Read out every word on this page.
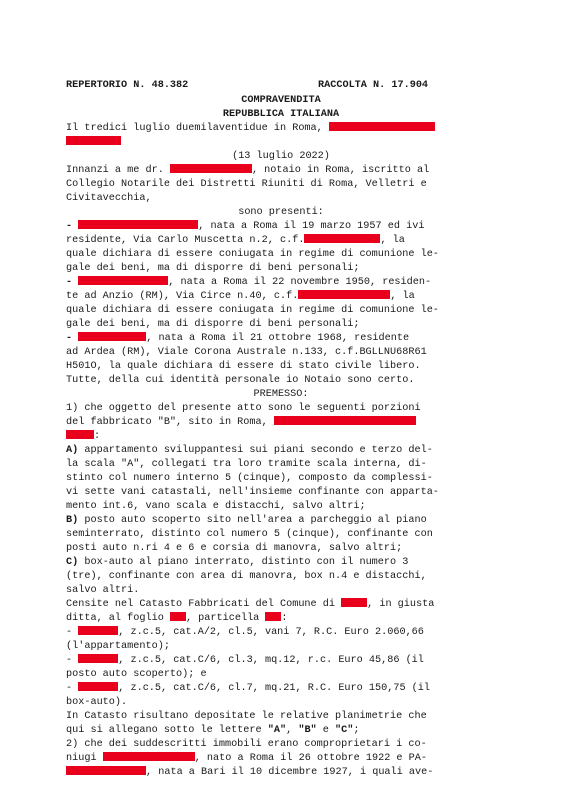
REPERTORIO N. 48.382	RACCOLTA N. 17.904
COMPRAVENDITA
REPUBBLICA ITALIANA
Il tredici luglio duemilaventidue in Roma,
(13 luglio 2022)
Innanzi a me dr.	, notaio in Roma, iscritto al
Collegio Notarile dei Distretti Riuniti di Roma, Velletri e
Civitavecchia,
sono presenti:
-	, nata a Roma il 19 marzo 1957 ed ivi
residente, Via Carlo Muscetta n.2, c.f.	, la
quale dichiara di essere coniugata in regime di comunione le-
gale dei beni, ma di disporre di beni personali;
-	, nata a Roma il 22 novembre 1950, residen-
te ad Anzio (RM), Via Circe n.40, c.f.	, la
quale dichiara di essere coniugata in regime di comunione le-
gale dei beni, ma di disporre di beni personali;
-	, nata a Roma il 21 ottobre 1968, residente
ad Ardea (RM), Viale Corona Australe n.133, c.f.BGLLNU68R61
H501O, la quale dichiara di essere di stato civile libero.
Tutte, della cui identità personale io Notaio sono certo.
PREMESSO:
1) che oggetto del presente atto sono le seguenti porzioni
del fabbricato "B", sito in Roma,
:
A) appartamento sviluppantesi sui piani secondo e terzo del-
la scala "A", collegati tra loro tramite scala interna, di-
stinto col numero interno 5 (cinque), composto da complessi-
vi sette vani catastali, nell'insieme confinante con apparta-
mento int.6, vano scala e distacchi, salvo altri;
B) posto auto scoperto sito nell'area a parcheggio al piano
seminterrato, distinto col numero 5 (cinque), confinante con
posti auto n.ri 4 e 6 e corsia di manovra, salvo altri;
C) box-auto al piano interrato, distinto con il numero 3
(tre), confinante con area di manovra, box n.4 e distacchi,
salvo altri.
Censite nel Catasto Fabbricati del Comune di	, in giusta
ditta, al foglio , particella :
-	, z.c.5, cat.A/2, cl.5, vani 7, R.C. Euro 2.060,66
(l'appartamento);
-	, z.c.5, cat.C/6, cl.3, mq.12, r.c. Euro 45,86 (il
posto auto scoperto); e
-	, z.c.5, cat.C/6, cl.7, mq.21, R.C. Euro 150,75 (il
box-auto).
In Catasto risultano depositate le relative planimetrie che
qui si allegano sotto le lettere "A", "B" e "C";
2) che dei suddescritti immobili erano comproprietari i co-
niugi	, nato a Roma il 26 ottobre 1922 e PA-
, nata a Bari il 10 dicembre 1927, i quali ave-
